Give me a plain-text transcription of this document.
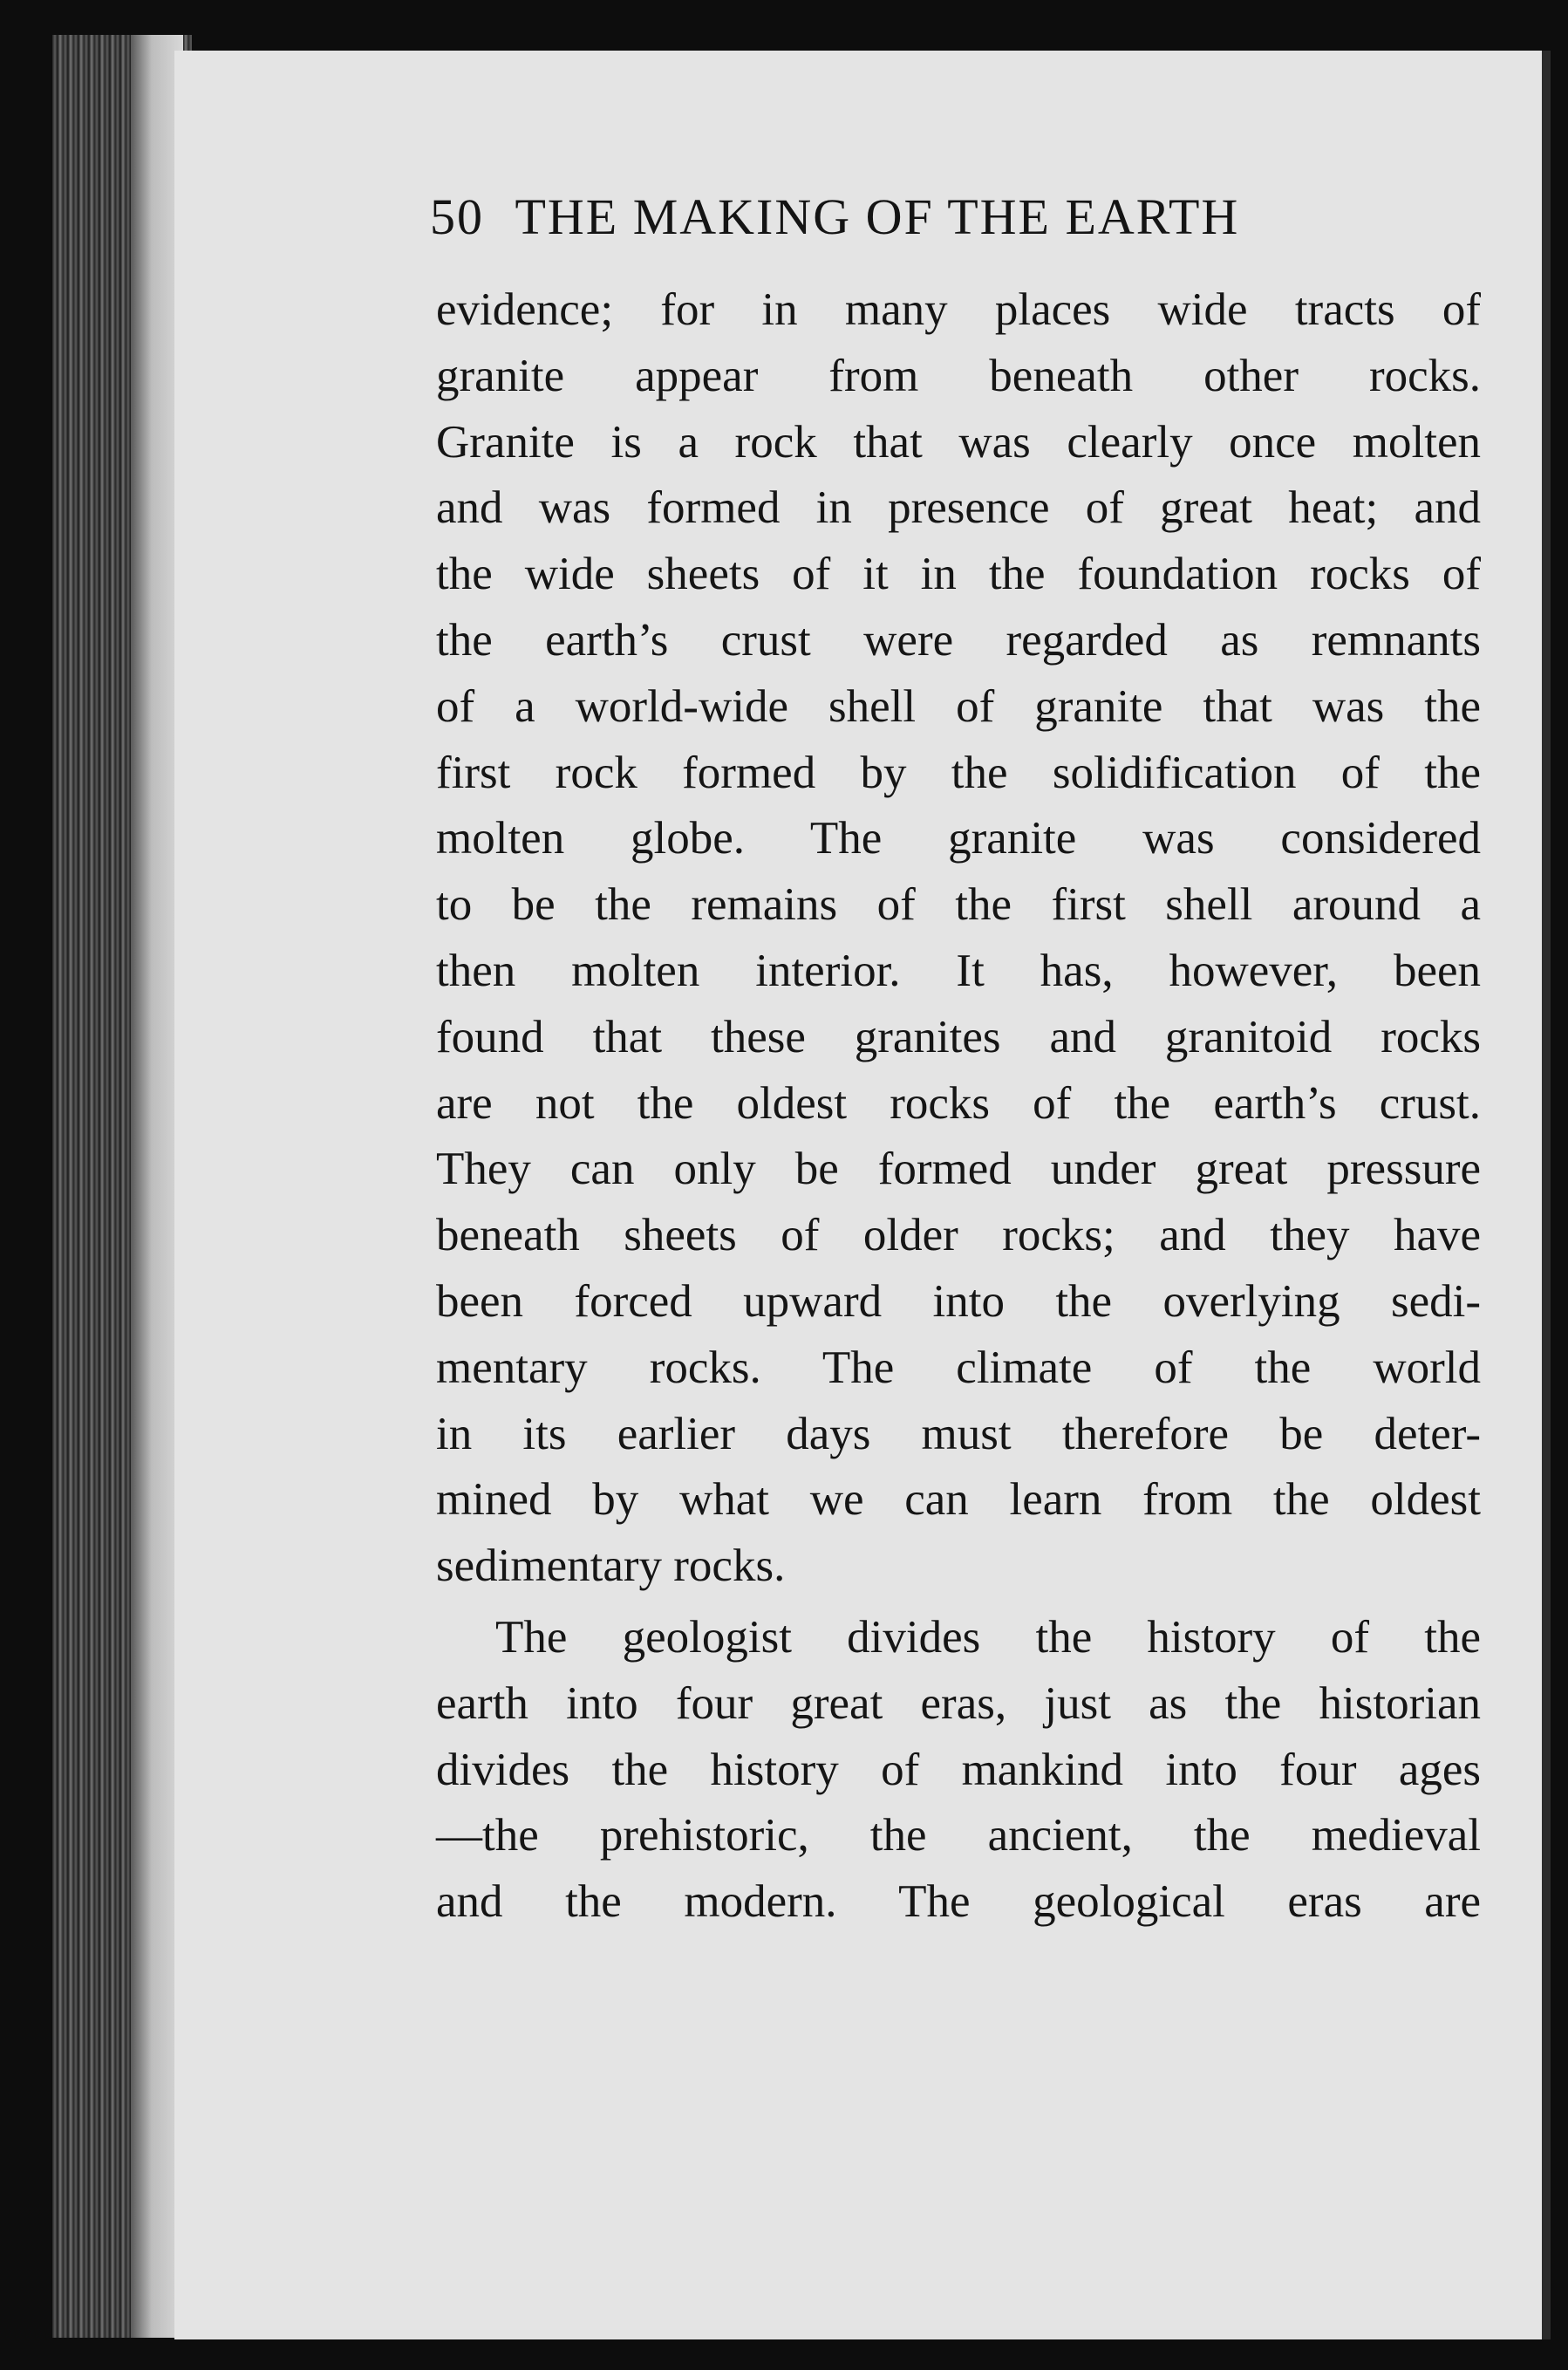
50 THE MAKING OF THE EARTH
evidence; for in many places wide tracts of
granite appear from beneath other rocks.
Granite is a rock that was clearly once molten
and was formed in presence of great heat; and
the wide sheets of it in the foundation rocks of
the earth’s crust were regarded as remnants
of a world-wide shell of granite that was the
first rock formed by the solidification of the
molten globe. The granite was considered
to be the remains of the first shell around a
then molten interior. It has, however, been
found that these granites and granitoid rocks
are not the oldest rocks of the earth’s crust.
They can only be formed under great pressure
beneath sheets of older rocks; and they have
been forced upward into the overlying sedi-
mentary rocks. The climate of the world
in its earlier days must therefore be deter-
mined by what we can learn from the oldest
sedimentary rocks.
The geologist divides the history of the
earth into four great eras, just as the historian
divides the history of mankind into four ages
—the prehistoric, the ancient, the medieval
and the modern. The geological eras are
